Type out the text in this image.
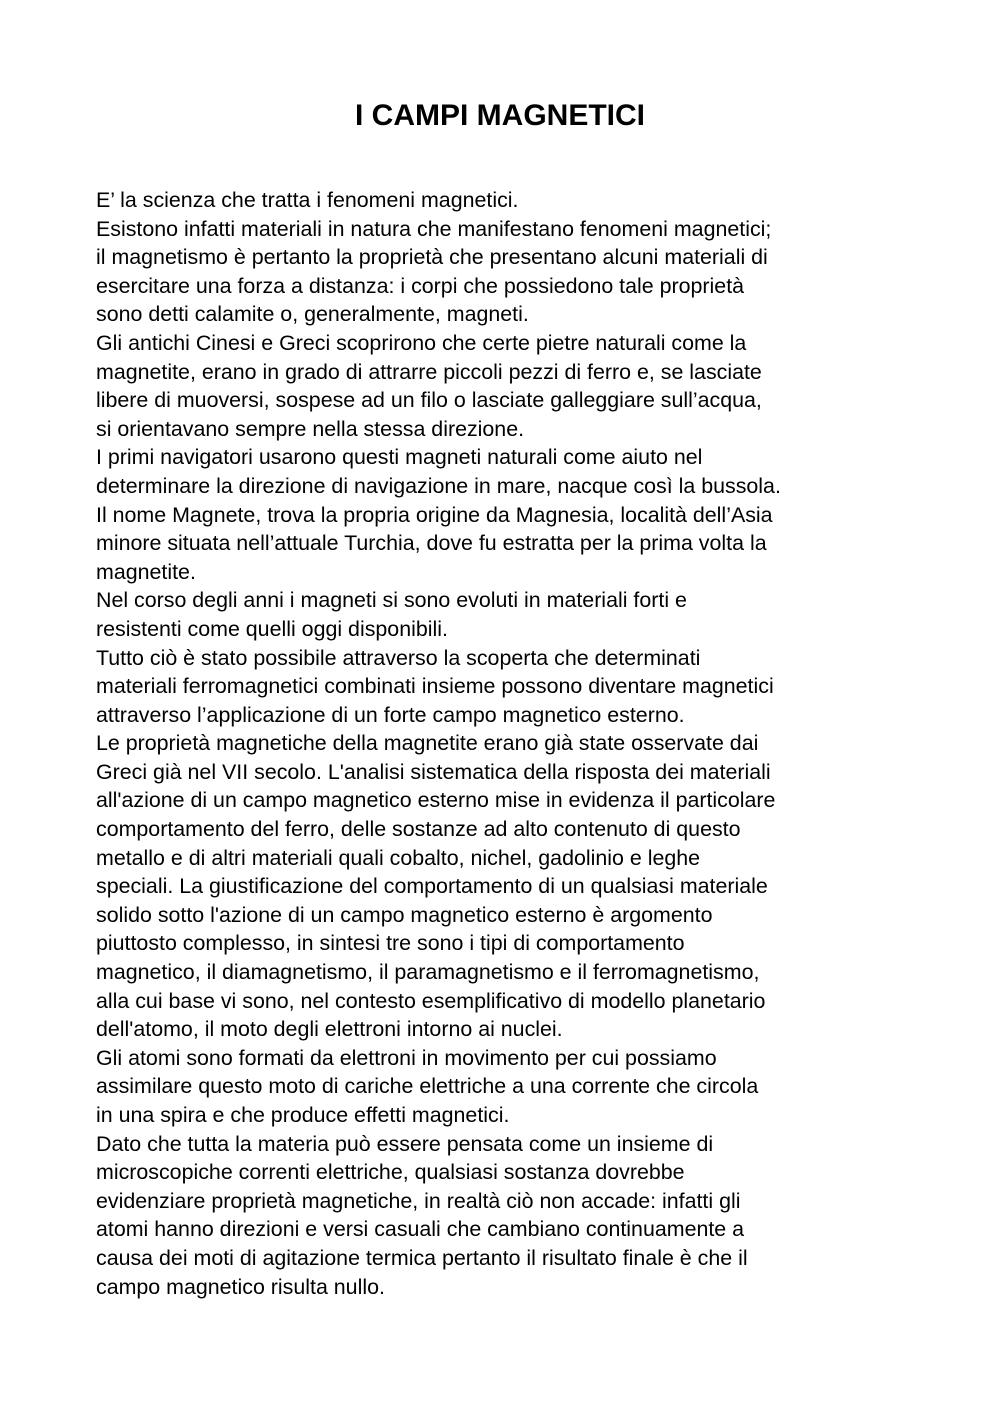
I CAMPI MAGNETICI
E’ la scienza che tratta i fenomeni magnetici.
Esistono infatti materiali in natura che manifestano fenomeni magnetici;
il magnetismo è pertanto la proprietà che presentano alcuni materiali di
esercitare una forza a distanza: i corpi che possiedono tale proprietà
sono detti calamite o, generalmente, magneti.
Gli antichi Cinesi e Greci scoprirono che certe pietre naturali come la
magnetite, erano in grado di attrarre piccoli pezzi di ferro e, se lasciate
libere di muoversi, sospese ad un filo o lasciate galleggiare sull’acqua,
si orientavano sempre nella stessa direzione.
I primi navigatori usarono questi magneti naturali come aiuto nel
determinare la direzione di navigazione in mare, nacque così la bussola.
Il nome Magnete, trova la propria origine da Magnesia, località dell’Asia
minore situata nell’attuale Turchia, dove fu estratta per la prima volta la
magnetite.
Nel corso degli anni i magneti si sono evoluti in materiali forti e
resistenti come quelli oggi disponibili.
Tutto ciò è stato possibile attraverso la scoperta che determinati
materiali ferromagnetici combinati insieme possono diventare magnetici
attraverso l’applicazione di un forte campo magnetico esterno.
Le proprietà magnetiche della magnetite erano già state osservate dai
Greci già nel VII secolo. L'analisi sistematica della risposta dei materiali
all'azione di un campo magnetico esterno mise in evidenza il particolare
comportamento del ferro, delle sostanze ad alto contenuto di questo
metallo e di altri materiali quali cobalto, nichel, gadolinio e leghe
speciali. La giustificazione del comportamento di un qualsiasi materiale
solido sotto l'azione di un campo magnetico esterno è argomento
piuttosto complesso, in sintesi tre sono i tipi di comportamento
magnetico, il diamagnetismo, il paramagnetismo e il ferromagnetismo,
alla cui base vi sono, nel contesto esemplificativo di modello planetario
dell'atomo, il moto degli elettroni intorno ai nuclei.
Gli atomi sono formati da elettroni in movimento per cui possiamo
assimilare questo moto di cariche elettriche a una corrente che circola
in una spira e che produce effetti magnetici.
Dato che tutta la materia può essere pensata come un insieme di
microscopiche correnti elettriche, qualsiasi sostanza dovrebbe
evidenziare proprietà magnetiche, in realtà ciò non accade: infatti gli
atomi hanno direzioni e versi casuali che cambiano continuamente a
causa dei moti di agitazione termica pertanto il risultato finale è che il
campo magnetico risulta nullo.
